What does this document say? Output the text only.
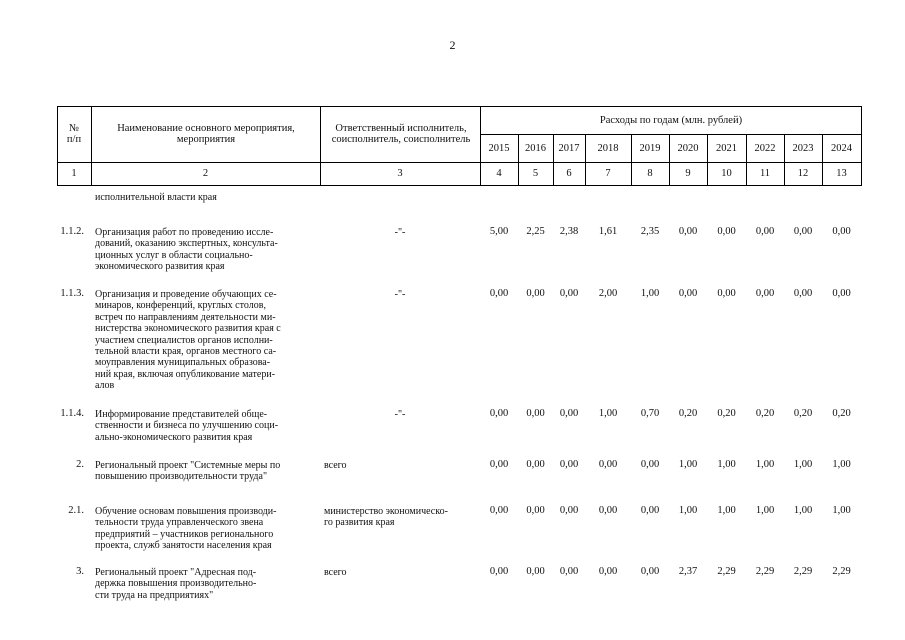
2
№
п/п
Наименование основного мероприятия, мероприятия
Ответственный исполнитель, соисполнитель, соисполнитель
Расходы по годам (млн. рублей)
2015	2016	2017	2018	2019	2020	2021	2022	2023	2024
1	2	3	4	5	6	7	8	9	10	11	12	13
исполнительной власти края
1.1.2. Организация работ по проведению иссле-
дований, оказанию экспертных, консульта-
ционных услуг в области социально-
экономического развития края
-"-	5,00	2,25	2,38	1,61	2,35	0,00	0,00	0,00	0,00	0,00
1.1.3. Организация и проведение обучающих се-
минаров, конференций, круглых столов,
встреч по направлениям деятельности ми-
нистерства экономического развития края с
участием специалистов органов исполни-
тельной власти края, органов местного са-
моуправления муниципальных образова-
ний края, включая опубликование матери-
алов
-"-	0,00	0,00	0,00	2,00	1,00	0,00	0,00	0,00	0,00	0,00
1.1.4. Информирование представителей обще-
ственности и бизнеса по улучшению соци-
ально-экономического развития края
-"-	0,00	0,00	0,00	1,00	0,70	0,20	0,20	0,20	0,20	0,20
2. Региональный проект "Системные меры по
повышению производительности труда"
всего	0,00	0,00	0,00	0,00	0,00	1,00	1,00	1,00	1,00	1,00
2.1. Обучение основам повышения производи-
тельности труда управленческого звена
предприятий – участников регионального
проекта, служб занятости населения края
министерство экономическо-
го развития края
0,00	0,00	0,00	0,00	0,00	1,00	1,00	1,00	1,00	1,00
3. Региональный проект "Адресная под-
держка повышения производительно-
сти труда на предприятиях"
всего	0,00	0,00	0,00	0,00	0,00	2,37	2,29	2,29	2,29	2,29
